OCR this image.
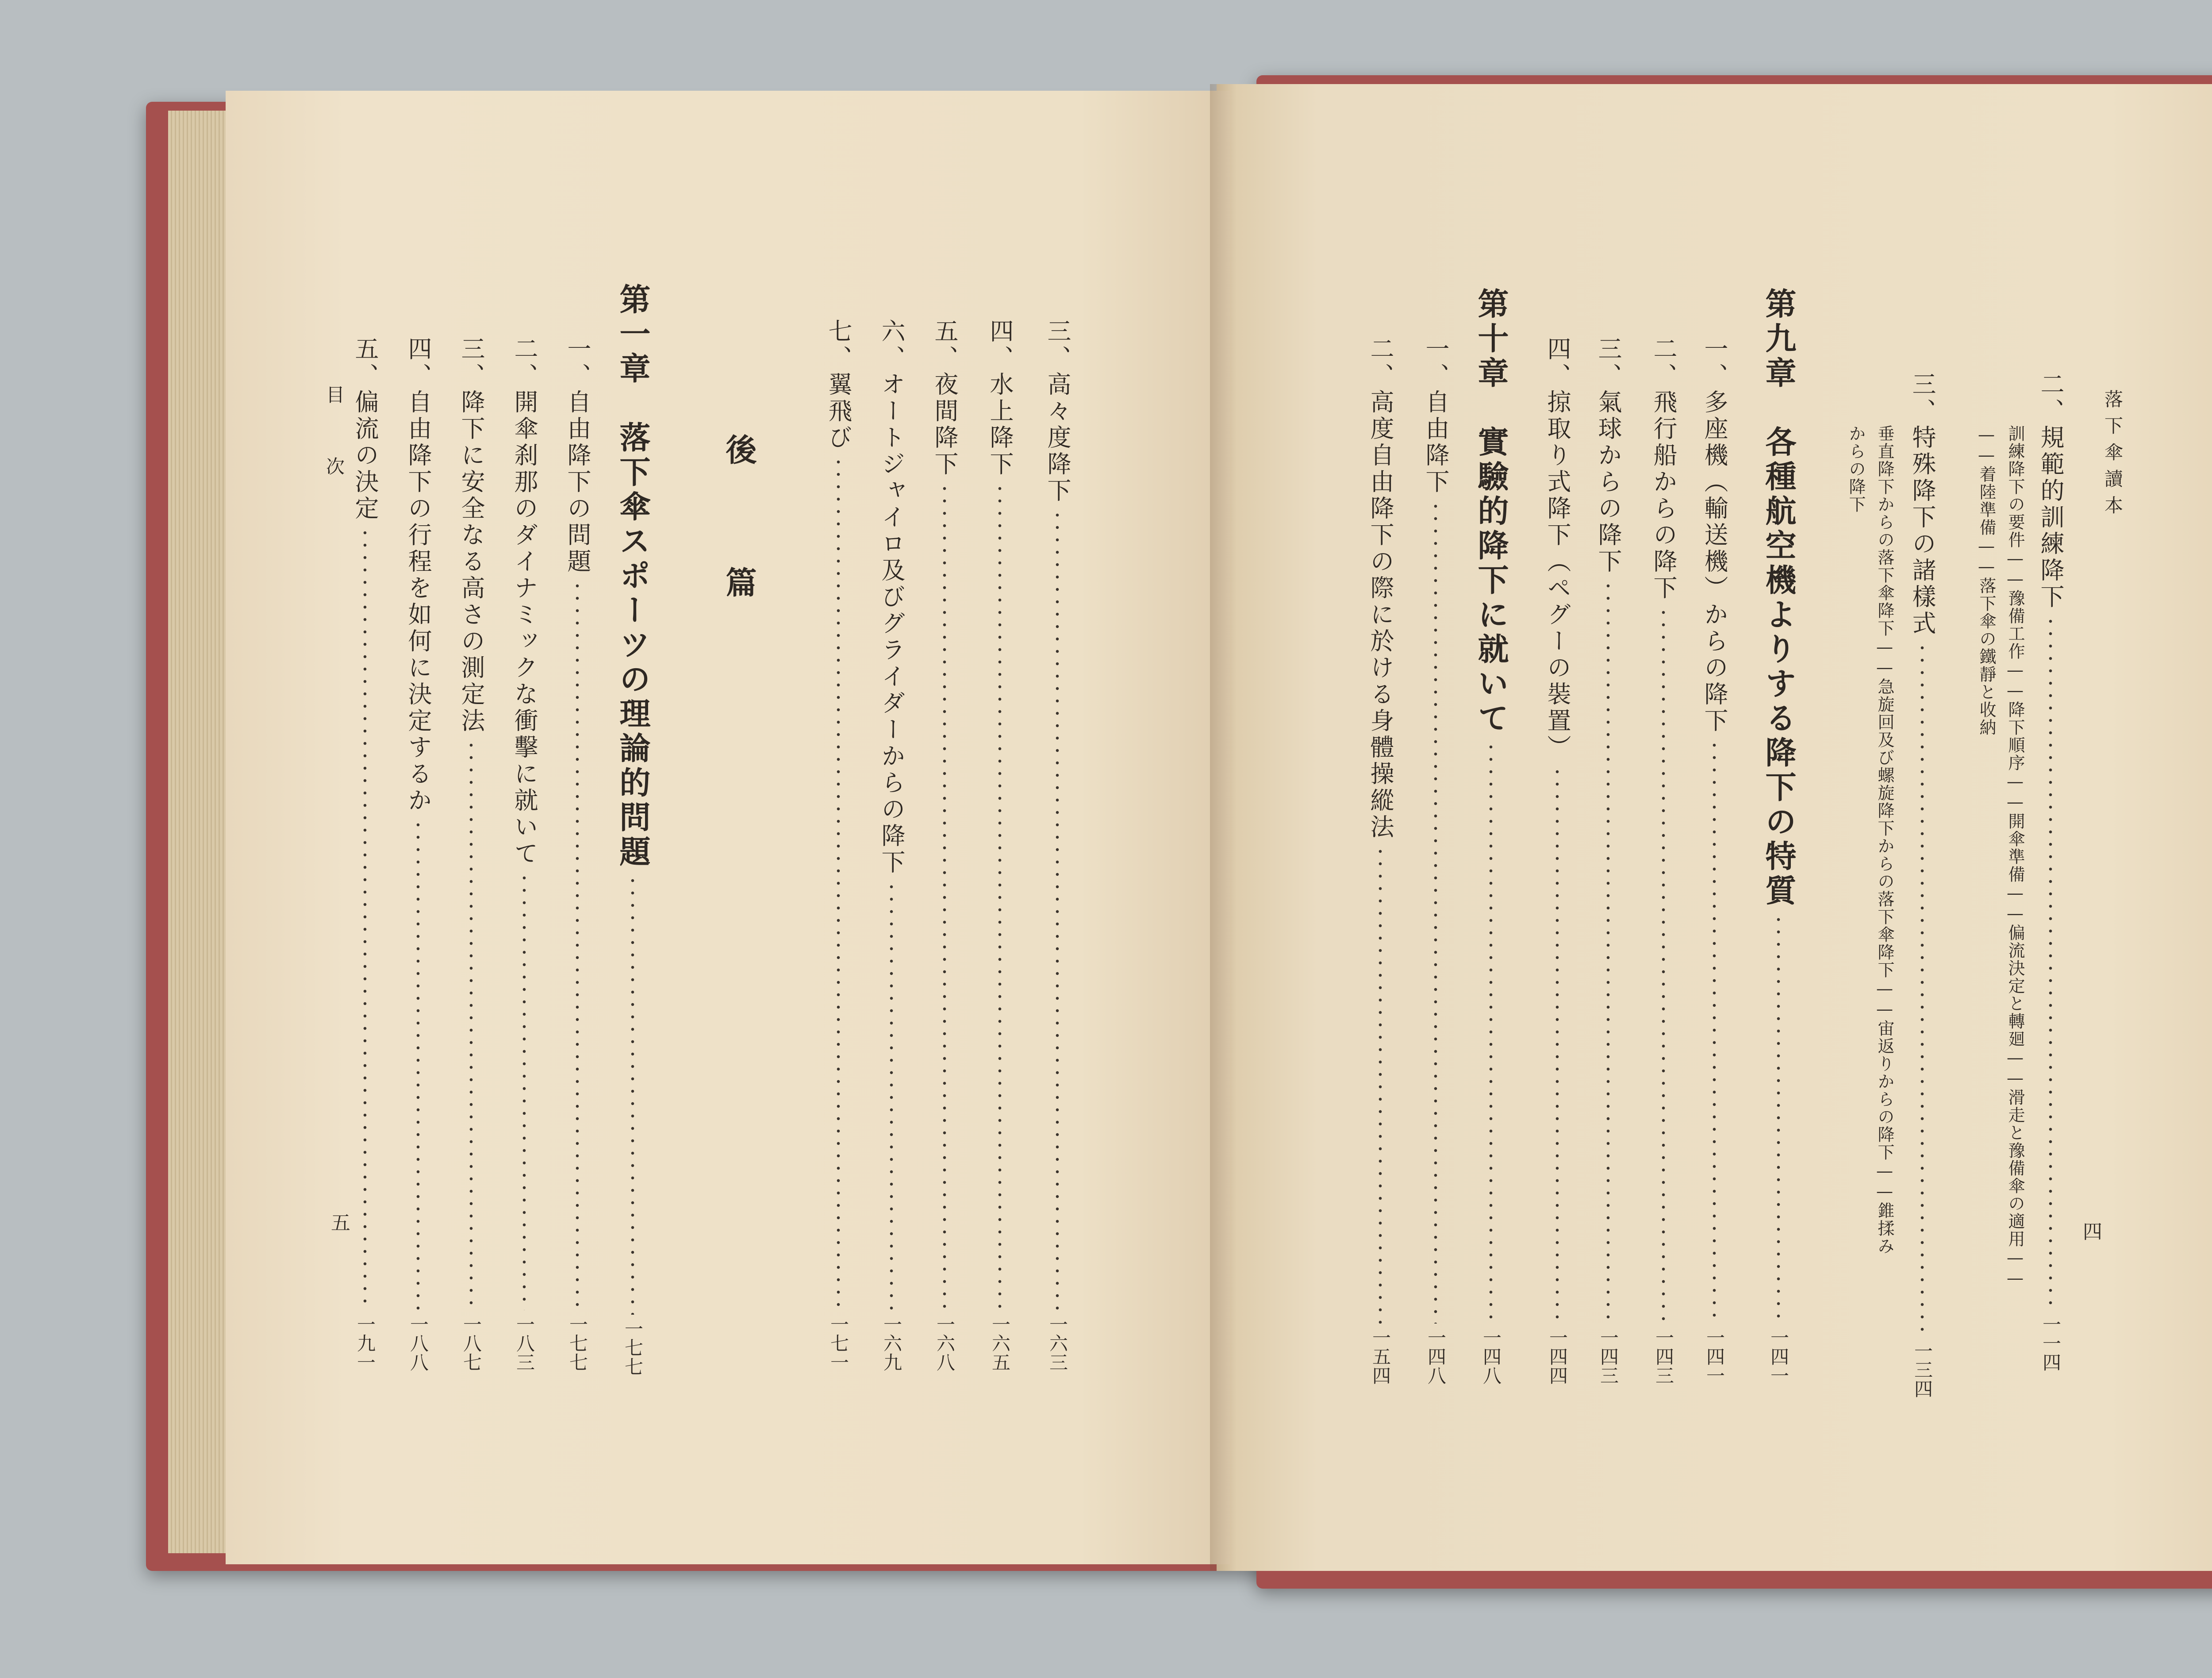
落下傘讀本
四
二、規範的訓練降下
一一四
訓練降下の要件——豫備工作——降下順序——開傘準備——偏流決定と轉廻——滑走と豫備傘の適用——
——着陸準備——落下傘の鐵靜と收納
三、特殊降下の諸樣式
一三四
垂直降下からの落下傘降下——急旋回及び螺旋降下からの落下傘降下——宙返りからの降下——錐揉み
からの降下
第九章　各種航空機よりする降下の特質
一四一
一、多座機（輸送機）からの降下
一四一
二、飛行船からの降下
一四三
三、氣球からの降下
一四三
四、掠取り式降下（ペグーの裝置）
一四四
第十章　實驗的降下に就いて
一四八
一、自由降下
一四八
二、高度自由降下の際に於ける身體操縱法
一五四
三、高々度降下
一六三
四、水上降下
一六五
五、夜間降下
一六八
六、オートジャイロ及びグライダーからの降下
一六九
七、翼飛び
一七一
後　篇
第一章　落下傘スポーツの理論的問題
一七七
一、自由降下の問題
一七七
二、開傘刹那のダイナミックな衝擊に就いて
一八三
三、降下に安全なる高さの測定法
一八七
四、自由降下の行程を如何に決定するか
一八八
五、偏流の決定
一九一
目次
五
